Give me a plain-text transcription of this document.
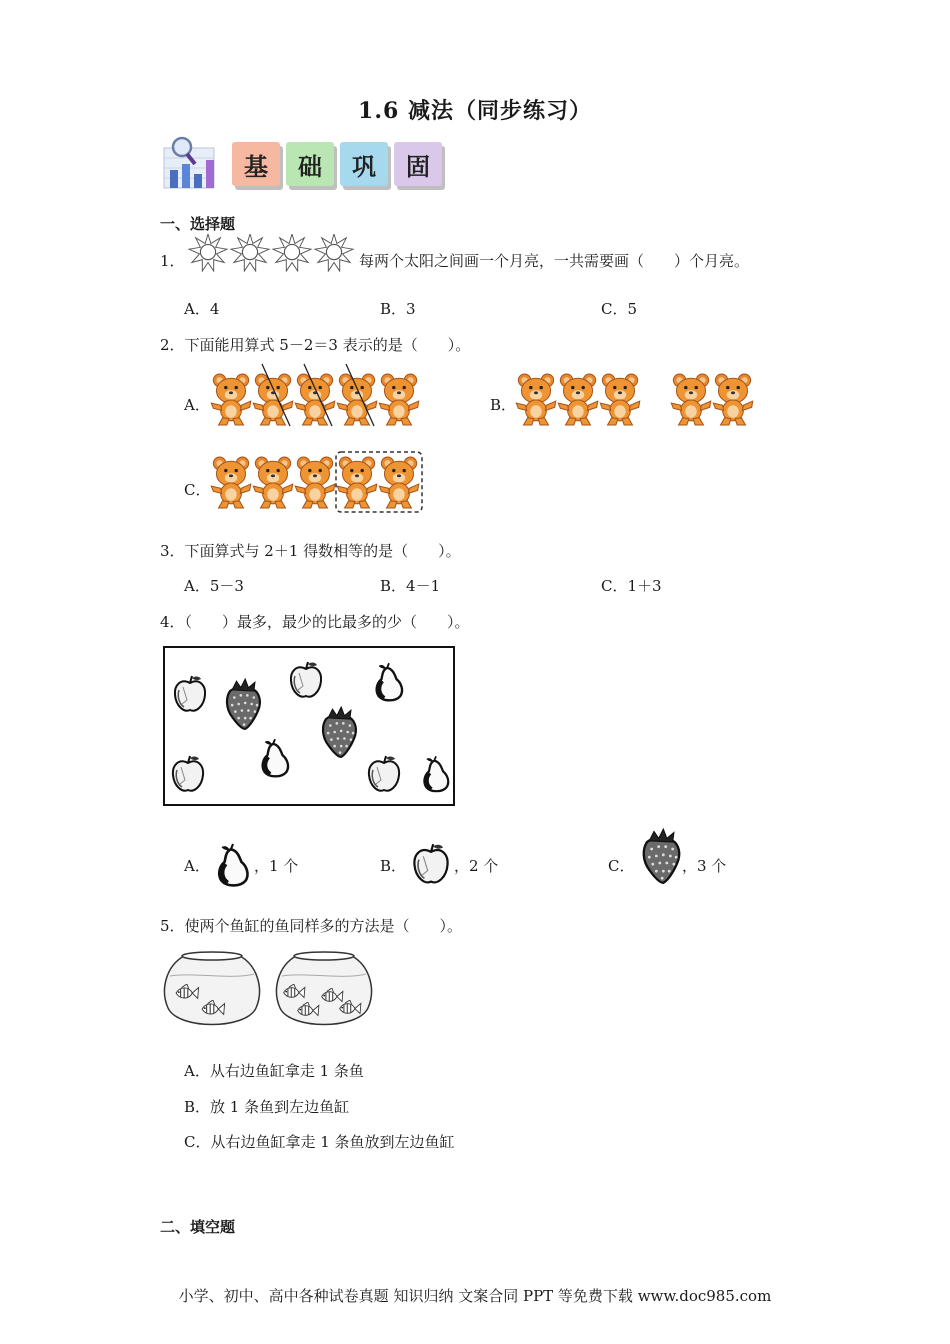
1.6 减法（同步练习）
基	础	巩	固
一、选择题
1．	每两个太阳之间画一个月亮，一共需要画（　　）个月亮。
A．4	B．3	C．5
2．下面能用算式 5－2＝3 表示的是（　　）。
A．	B．
C．
3．下面算式与 2＋1 得数相等的是（　　）。
A．5－3	B．4－1	C．1＋3
4．（　　）最多，最少的比最多的少（　　）。
A．	，1 个	B．	，2 个	C．	，3 个
5．使两个鱼缸的鱼同样多的方法是（　　）。
A．从右边鱼缸拿走 1 条鱼
B．放 1 条鱼到左边鱼缸
C．从右边鱼缸拿走 1 条鱼放到左边鱼缸
二、填空题
小学、初中、高中各种试卷真题 知识归纳 文案合同 PPT 等免费下载 www.doc985.com
